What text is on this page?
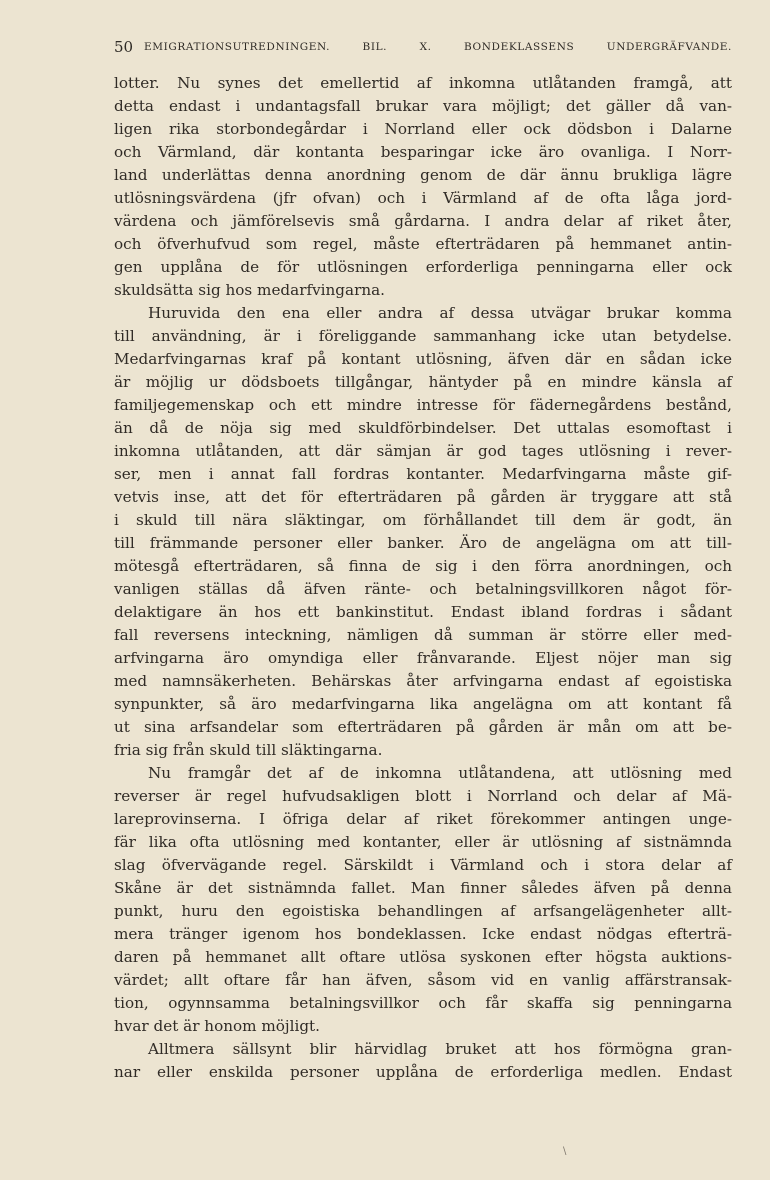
50 EMIGRATIONSUTREDNINGEN. BIL. X. BONDEKLASSENS UNDERGRÄFVANDE.
lotter. Nu synes det emellertid af inkomna utlåtanden framgå, att
detta endast i undantagsfall brukar vara möjligt; det gäller då van-
ligen rika storbondegårdar i Norrland eller ock dödsbon i Dalarne
och Värmland, där kontanta besparingar icke äro ovanliga. I Norr-
land underlättas denna anordning genom de där ännu brukliga lägre
utlösningsvärdena (jfr ofvan) och i Värmland af de ofta låga jord-
värdena och jämförelsevis små gårdarna. I andra delar af riket åter,
och öfverhufvud som regel, måste efterträdaren på hemmanet antin-
gen upplåna de för utlösningen erforderliga penningarna eller ock
skuldsätta sig hos medarfvingarna.
Huruvida den ena eller andra af dessa utvägar brukar komma
till användning, är i föreliggande sammanhang icke utan betydelse.
Medarfvingarnas kraf på kontant utlösning, äfven där en sådan icke
är möjlig ur dödsboets tillgångar, häntyder på en mindre känsla af
familjegemenskap och ett mindre intresse för fädernegårdens bestånd,
än då de nöja sig med skuldförbindelser. Det uttalas esomoftast i
inkomna utlåtanden, att där sämjan är god tages utlösning i rever-
ser, men i annat fall fordras kontanter. Medarfvingarna måste gif-
vetvis inse, att det för efterträdaren på gården är tryggare att stå
i skuld till nära släktingar, om förhållandet till dem är godt, än
till främmande personer eller banker. Äro de angelägna om att till-
mötesgå efterträdaren, så finna de sig i den förra anordningen, och
vanligen ställas då äfven ränte- och betalningsvillkoren något för-
delaktigare än hos ett bankinstitut. Endast ibland fordras i sådant
fall reversens inteckning, nämligen då summan är större eller med-
arfvingarna äro omyndiga eller frånvarande. Eljest nöjer man sig
med namnsäkerheten. Behärskas åter arfvingarna endast af egoistiska
synpunkter, så äro medarfvingarna lika angelägna om att kontant få
ut sina arfsandelar som efterträdaren på gården är mån om att be-
fria sig från skuld till släktingarna.
Nu framgår det af de inkomna utlåtandena, att utlösning med
reverser är regel hufvudsakligen blott i Norrland och delar af Mä-
lareprovinserna. I öfriga delar af riket förekommer antingen unge-
fär lika ofta utlösning med kontanter, eller är utlösning af sistnämnda
slag öfvervägande regel. Särskildt i Värmland och i stora delar af
Skåne är det sistnämnda fallet. Man finner således äfven på denna
punkt, huru den egoistiska behandlingen af arfsangelägenheter allt-
mera tränger igenom hos bondeklassen. Icke endast nödgas efterträ-
daren på hemmanet allt oftare utlösa syskonen efter högsta auktions-
värdet; allt oftare får han äfven, såsom vid en vanlig affärstransak-
tion, ogynnsamma betalningsvillkor och får skaffa sig penningarna
hvar det är honom möjligt.
Alltmera sällsynt blir härvidlag bruket att hos förmögna gran-
nar eller enskilda personer upplåna de erforderliga medlen. Endast
\
